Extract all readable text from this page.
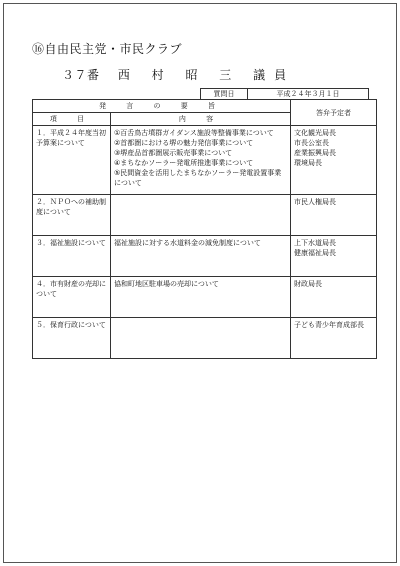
⑯自由民主党・市民クラブ
３７番 西 村 昭 三 議員
質問日	平成２４年３月１日
発 言 の 要 旨		答弁予定者
項 目	内 容	
１．平成２４年度当初予算案について	①百舌鳥古墳群ガイダンス施設等整備事業について
②首都圏における堺の魅力発信事業について
③堺産品首都圏展示販売事業について
④まちなかソーラー発電所推進事業について
⑤民間資金を活用したまちなかソーラー発電設置事業について	文化観光局長
市長公室長
産業振興局長
環境局長

２．ＮＰＯへの補助制度について		市民人権局長

３．福祉施設について	福祉施設に対する水道料金の減免制度について	上下水道局長
健康福祉局長

４．市有財産の売却について	協和町地区駐車場の売却について	財政局長

５．保育行政について		子ども青少年育成部長
